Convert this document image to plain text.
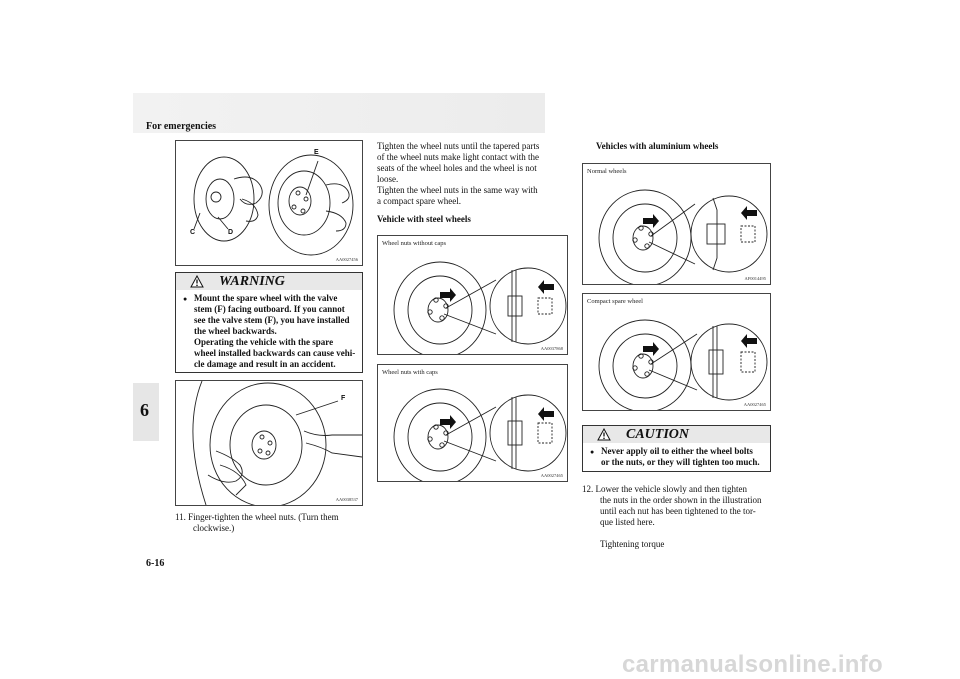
For emergencies
6
E
C	D
AA0027456
WARNING
● Mount the spare wheel with the valve
stem (F) facing outboard. If you cannot
see the valve stem (F), you have installed
the wheel backwards.
Operating the vehicle with the spare
wheel installed backwards can cause vehi-
cle damage and result in an accident.
F
AA0038537
11. Finger-tighten the wheel nuts. (Turn them
clockwise.)
Tighten the wheel nuts until the tapered parts
of the wheel nuts make light contact with the
seats of the wheel holes and the wheel is not
loose.
Tighten the wheel nuts in the same way with
a compact spare wheel.
Vehicle with steel wheels
Wheel nuts without caps
AA0037868
Wheel nuts with caps
AA0027465
Vehicles with aluminium wheels
Normal wheels
AF0014495
Compact spare wheel
AA0027465
CAUTION
● Never apply oil to either the wheel bolts
or the nuts, or they will tighten too much.
12. Lower the vehicle slowly and then tighten
the nuts in the order shown in the illustration
until each nut has been tightened to the tor-
que listed here.
Tightening torque
6-16
carmanualsonline.info
